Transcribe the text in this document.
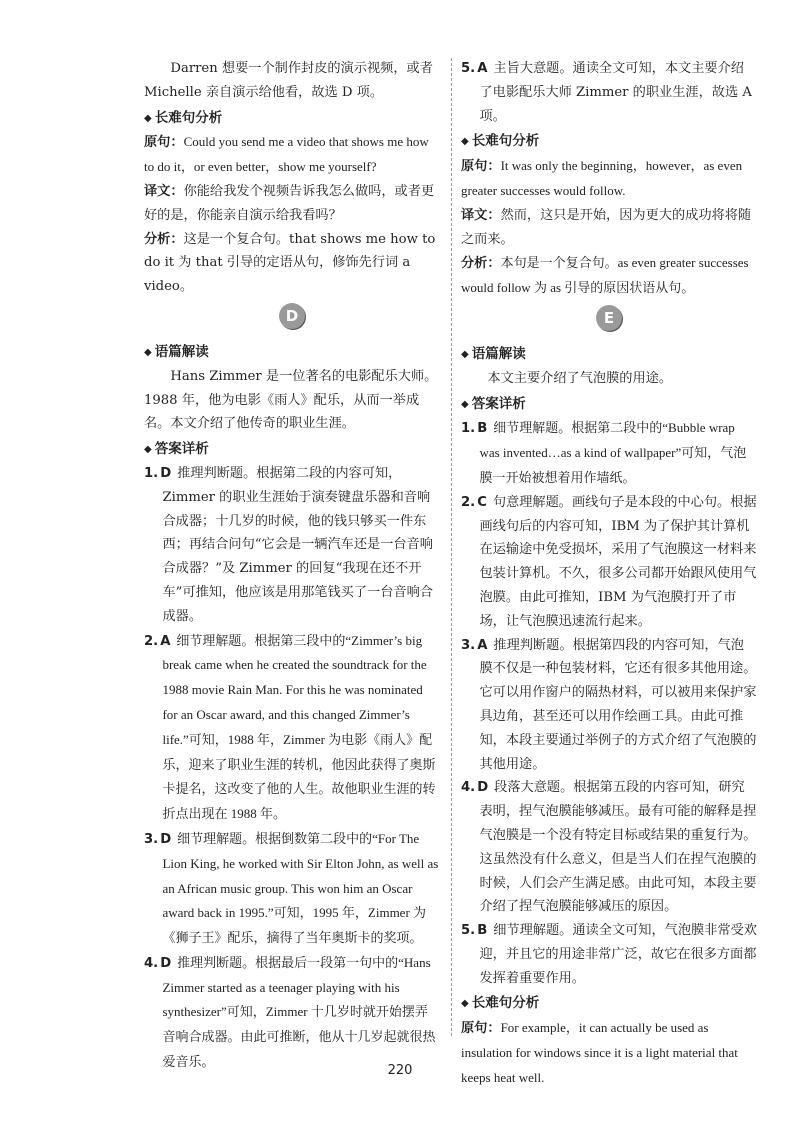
Darren 想要一个制作封皮的演示视频，或者 Michelle 亲自演示给他看，故选 D 项。

◆ 长难句分析

原句：Could you send me a video that shows me how to do it，or even better，show me yourself?

译文：你能给我发个视频告诉我怎么做吗，或者更好的是，你能亲自演示给我看吗？

分析：这是一个复合句。that shows me how to do it 为 that 引导的定语从句，修饰先行词 a video。

D
◆ 语篇解读

Hans Zimmer 是一位著名的电影配乐大师。1988 年，他为电影《雨人》配乐，从而一举成名。本文介绍了他传奇的职业生涯。

◆ 答案详析

1. D 推理判断题。根据第二段的内容可知，Zimmer 的职业生涯始于演奏键盘乐器和音响合成器；十几岁的时候，他的钱只够买一件东西；再结合问句“它会是一辆汽车还是一台音响合成器？”及 Zimmer 的回复“我现在还不开车”可推知，他应该是用那笔钱买了一台音响合成器。

2. A 细节理解题。根据第三段中的“Zimmer’s big break came when he created the soundtrack for the 1988 movie Rain Man. For this he was nominated for an Oscar award, and this changed Zimmer’s life.”可知，1988 年，Zimmer 为电影《雨人》配乐，迎来了职业生涯的转机，他因此获得了奥斯卡提名，这改变了他的人生。故他职业生涯的转折点出现在 1988 年。

3. D 细节理解题。根据倒数第二段中的“For The Lion King, he worked with Sir Elton John, as well as an African music group. This won him an Oscar award back in 1995.”可知，1995 年，Zimmer 为《狮子王》配乐，摘得了当年奥斯卡的奖项。

4. D 推理判断题。根据最后一段第一句中的“Hans Zimmer started as a teenager playing with his synthesizer”可知，Zimmer 十几岁时就开始摆弄音响合成器。由此可推断，他从十几岁起就很热爱音乐。

5. A 主旨大意题。通读全文可知，本文主要介绍了电影配乐大师 Zimmer 的职业生涯，故选 A 项。

◆ 长难句分析

原句：It was only the beginning，however，as even greater successes would follow.

译文：然而，这只是开始，因为更大的成功将将随之而来。

分析：本句是一个复合句。as even greater successes would follow 为 as 引导的原因状语从句。

E
◆ 语篇解读

本文主要介绍了气泡膜的用途。

◆ 答案详析

1. B 细节理解题。根据第二段中的“Bubble wrap was invented…as a kind of wallpaper”可知，气泡膜一开始被想着用作墙纸。

2. C 句意理解题。画线句子是本段的中心句。根据画线句后的内容可知，IBM 为了保护其计算机在运输途中免受损坏，采用了气泡膜这一材料来包装计算机。不久，很多公司都开始跟风使用气泡膜。由此可推知，IBM 为气泡膜打开了市场，让气泡膜迅速流行起来。

3. A 推理判断题。根据第四段的内容可知，气泡膜不仅是一种包装材料，它还有很多其他用途。它可以用作窗户的隔热材料，可以被用来保护家具边角，甚至还可以用作绘画工具。由此可推知，本段主要通过举例子的方式介绍了气泡膜的其他用途。

4. D 段落大意题。根据第五段的内容可知，研究表明，捏气泡膜能够减压。最有可能的解释是捏气泡膜是一个没有特定目标或结果的重复行为。这虽然没有什么意义，但是当人们在捏气泡膜的时候，人们会产生满足感。由此可知，本段主要介绍了捏气泡膜能够减压的原因。

5. B 细节理解题。通读全文可知，气泡膜非常受欢迎，并且它的用途非常广泛，故它在很多方面都发挥着重要作用。

◆ 长难句分析

原句：For example，it can actually be used as insulation for windows since it is a light material that keeps heat well.

220
